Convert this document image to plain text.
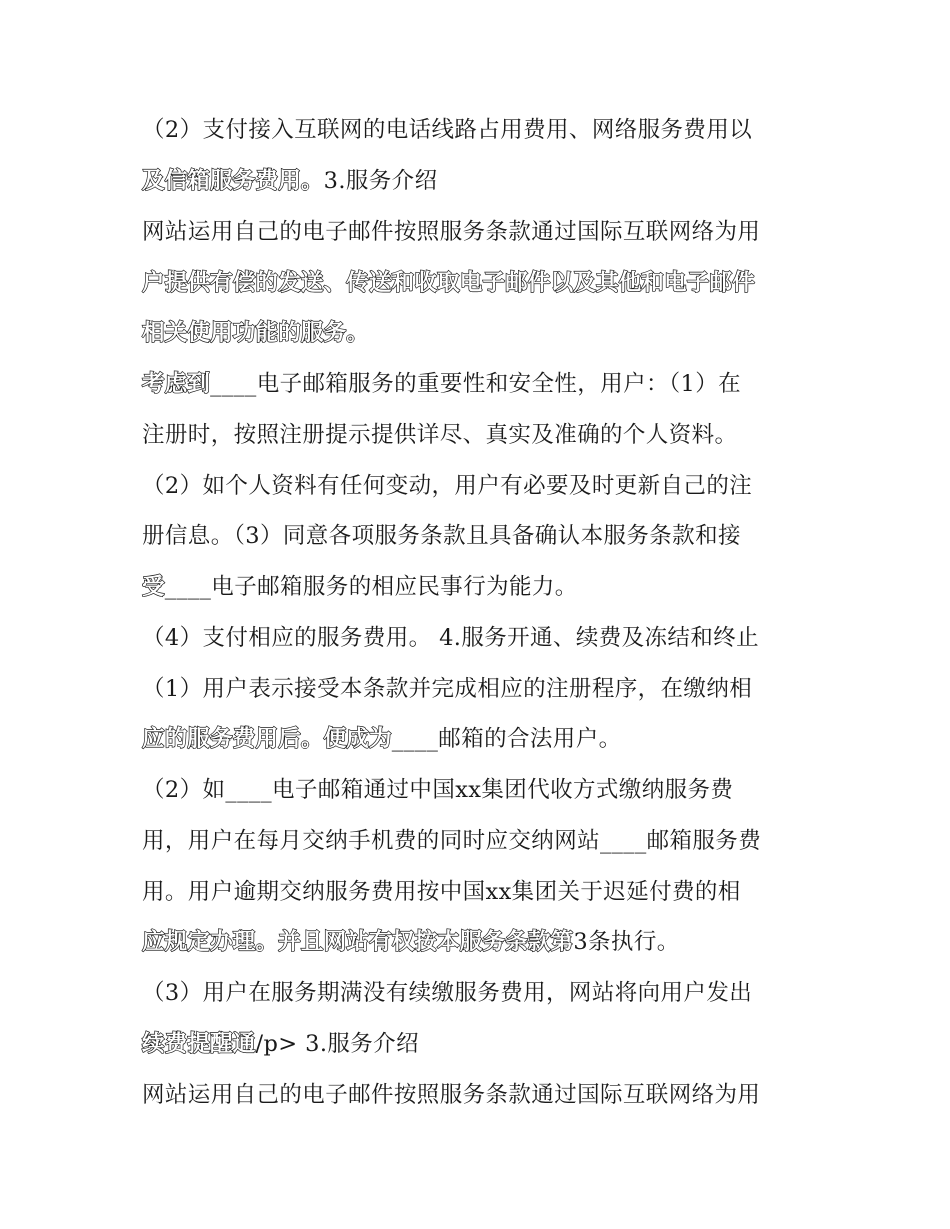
（2）支付接入互联网的电话线路占用费用、网络服务费用以
及信箱服务费用。3.服务介绍
网站运用自己的电子邮件按照服务条款通过国际互联网络为用
户提供有偿的发送、传送和收取电子邮件以及其他和电子邮件
相关使用功能的服务。
考虑到____电子邮箱服务的重要性和安全性，用户：（1）在
注册时，按照注册提示提供详尽、真实及准确的个人资料。
（2）如个人资料有任何变动，用户有必要及时更新自己的注
册信息。（3）同意各项服务条款且具备确认本服务条款和接
受____电子邮箱服务的相应民事行为能力。
（4）支付相应的服务费用。 4.服务开通、续费及冻结和终止
（1）用户表示接受本条款并完成相应的注册程序，在缴纳相
应的服务费用后。便成为____邮箱的合法用户。
（2）如____电子邮箱通过中国xx集团代收方式缴纳服务费
用，用户在每月交纳手机费的同时应交纳网站____邮箱服务费
用。用户逾期交纳服务费用按中国xx集团关于迟延付费的相
应规定办理。并且网站有权按本服务条款第3条执行。
（3）用户在服务期满没有续缴服务费用，网站将向用户发出
续费提醒通/p> 3.服务介绍
网站运用自己的电子邮件按照服务条款通过国际互联网络为用
